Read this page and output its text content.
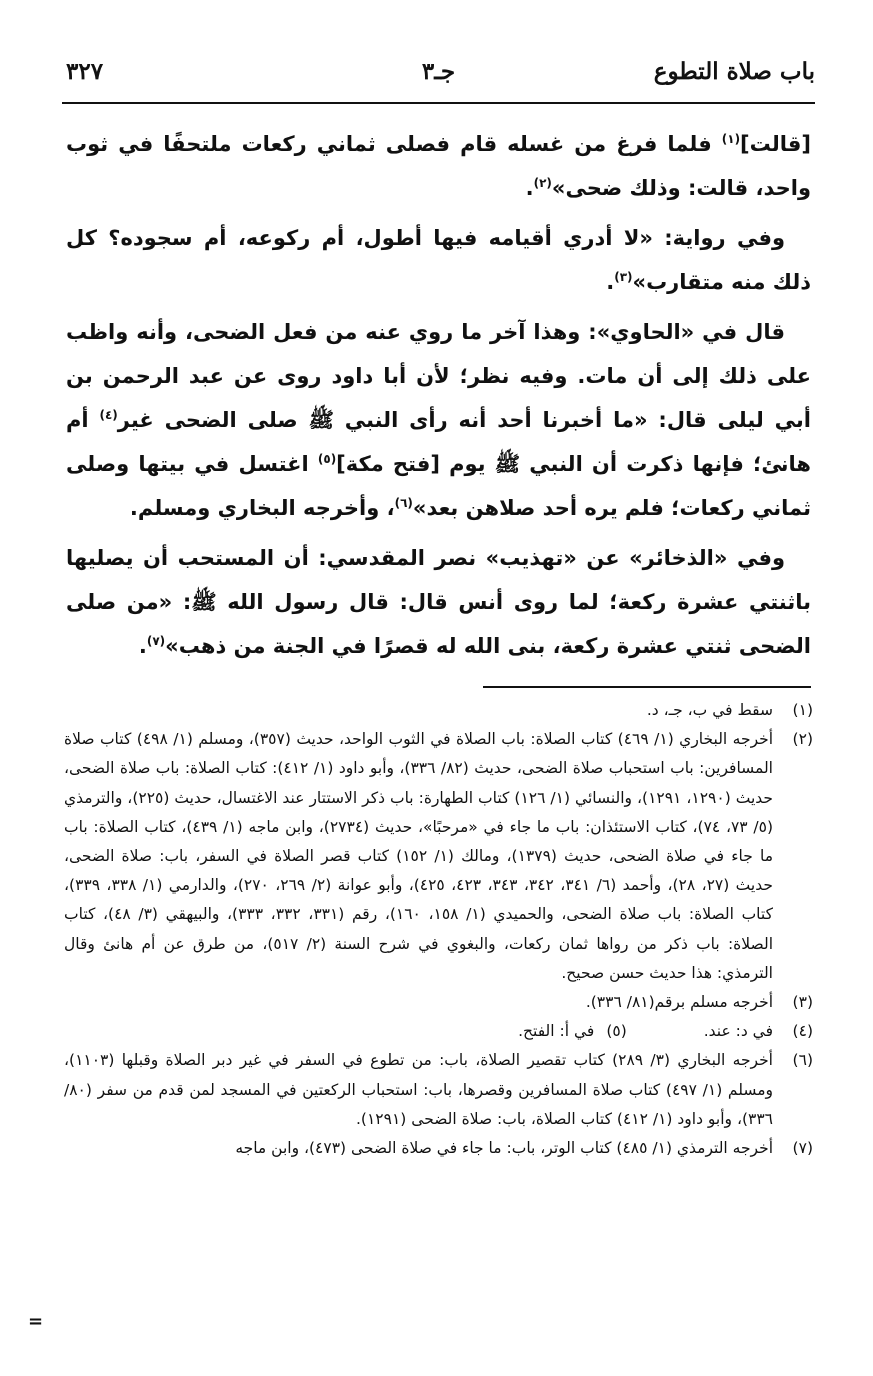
باب صلاة التطوع
جـ٣
٣٢٧

[قالت]$^{(١)}$ فلما فرغ من غسله قام فصلى ثماني ركعات ملتحفًا في ثوب واحد، قالت: وذلك ضحى»$^{(٢)}$.

وفي رواية: «لا أدري أقيامه فيها أطول، أم ركوعه، أم سجوده؟ كل ذلك منه متقارب»$^{(٣)}$.

قال في «الحاوي»: وهذا آخر ما روي عنه من فعل الضحى، وأنه واظب على ذلك إلى أن مات. وفيه نظر؛ لأن أبا داود روى عن عبد الرحمن بن أبي ليلى قال: «ما أخبرنا أحد أنه رأى النبي ﷺ صلى الضحى غير$^{(٤)}$ أم هانئ؛ فإنها ذكرت أن النبي ﷺ يوم [فتح مكة]$^{(٥)}$ اغتسل في بيتها وصلى ثماني ركعات؛ فلم يره أحد صلاهن بعد»$^{(٦)}$، وأخرجه البخاري ومسلم.

وفي «الذخائر» عن «تهذيب» نصر المقدسي: أن المستحب أن يصليها باثنتي عشرة ركعة؛ لما روى أنس قال: قال رسول الله ﷺ: «من صلى الضحى ثنتي عشرة ركعة، بنى الله له قصرًا في الجنة من ذهب»$^{(٧)}$.

(١)
سقط في ب، جـ، د.
(٢)
أخرجه البخاري (١/ ٤٦٩) كتاب الصلاة: باب الصلاة في الثوب الواحد، حديث (٣٥٧)، ومسلم (١/ ٤٩٨) كتاب صلاة المسافرين: باب استحباب صلاة الضحى، حديث (٨٢/ ٣٣٦)، وأبو داود (١/ ٤١٢): كتاب الصلاة: باب صلاة الضحى، حديث (١٢٩٠، ١٢٩١)، والنسائي (١/ ١٢٦) كتاب الطهارة: باب ذكر الاستتار عند الاغتسال، حديث (٢٢٥)، والترمذي (٥/ ٧٣، ٧٤)، كتاب الاستئذان: باب ما جاء في «مرحبًا»، حديث (٢٧٣٤)، وابن ماجه (١/ ٤٣٩)، كتاب الصلاة: باب ما جاء في صلاة الضحى، حديث (١٣٧٩)، ومالك (١/ ١٥٢) كتاب قصر الصلاة في السفر، باب: صلاة الضحى، حديث (٢٧، ٢٨)، وأحمد (٦/ ٣٤١، ٣٤٢، ٣٤٣، ٤٢٣، ٤٢٥)، وأبو عوانة (٢/ ٢٦٩، ٢٧٠)، والدارمي (١/ ٣٣٨، ٣٣٩)، كتاب الصلاة: باب صلاة الضحى، والحميدي (١/ ١٥٨، ١٦٠)، رقم (٣٣١، ٣٣٢، ٣٣٣)، والبيهقي (٣/ ٤٨)، كتاب الصلاة: باب ذكر من رواها ثمان ركعات، والبغوي في شرح السنة (٢/ ٥١٧)، من طرق عن أم هانئ وقال الترمذي: هذا حديث حسن صحيح.
(٣)
أخرجه مسلم برقم(٨١/ ٣٣٦).
(٤)
في د: عند. (٥)في أ: الفتح.
(٦)
أخرجه البخاري (٣/ ٢٨٩) كتاب تقصير الصلاة، باب: من تطوع في السفر في غير دبر الصلاة وقبلها (١١٠٣)، ومسلم (١/ ٤٩٧) كتاب صلاة المسافرين وقصرها، باب: استحباب الركعتين في المسجد لمن قدم من سفر (٨٠/ ٣٣٦)، وأبو داود (١/ ٤١٢) كتاب الصلاة، باب: صلاة الضحى (١٢٩١).
(٧)
أخرجه الترمذي (١/ ٤٨٥) كتاب الوتر، باب: ما جاء في صلاة الضحى (٤٧٣)، وابن ماجه
=
